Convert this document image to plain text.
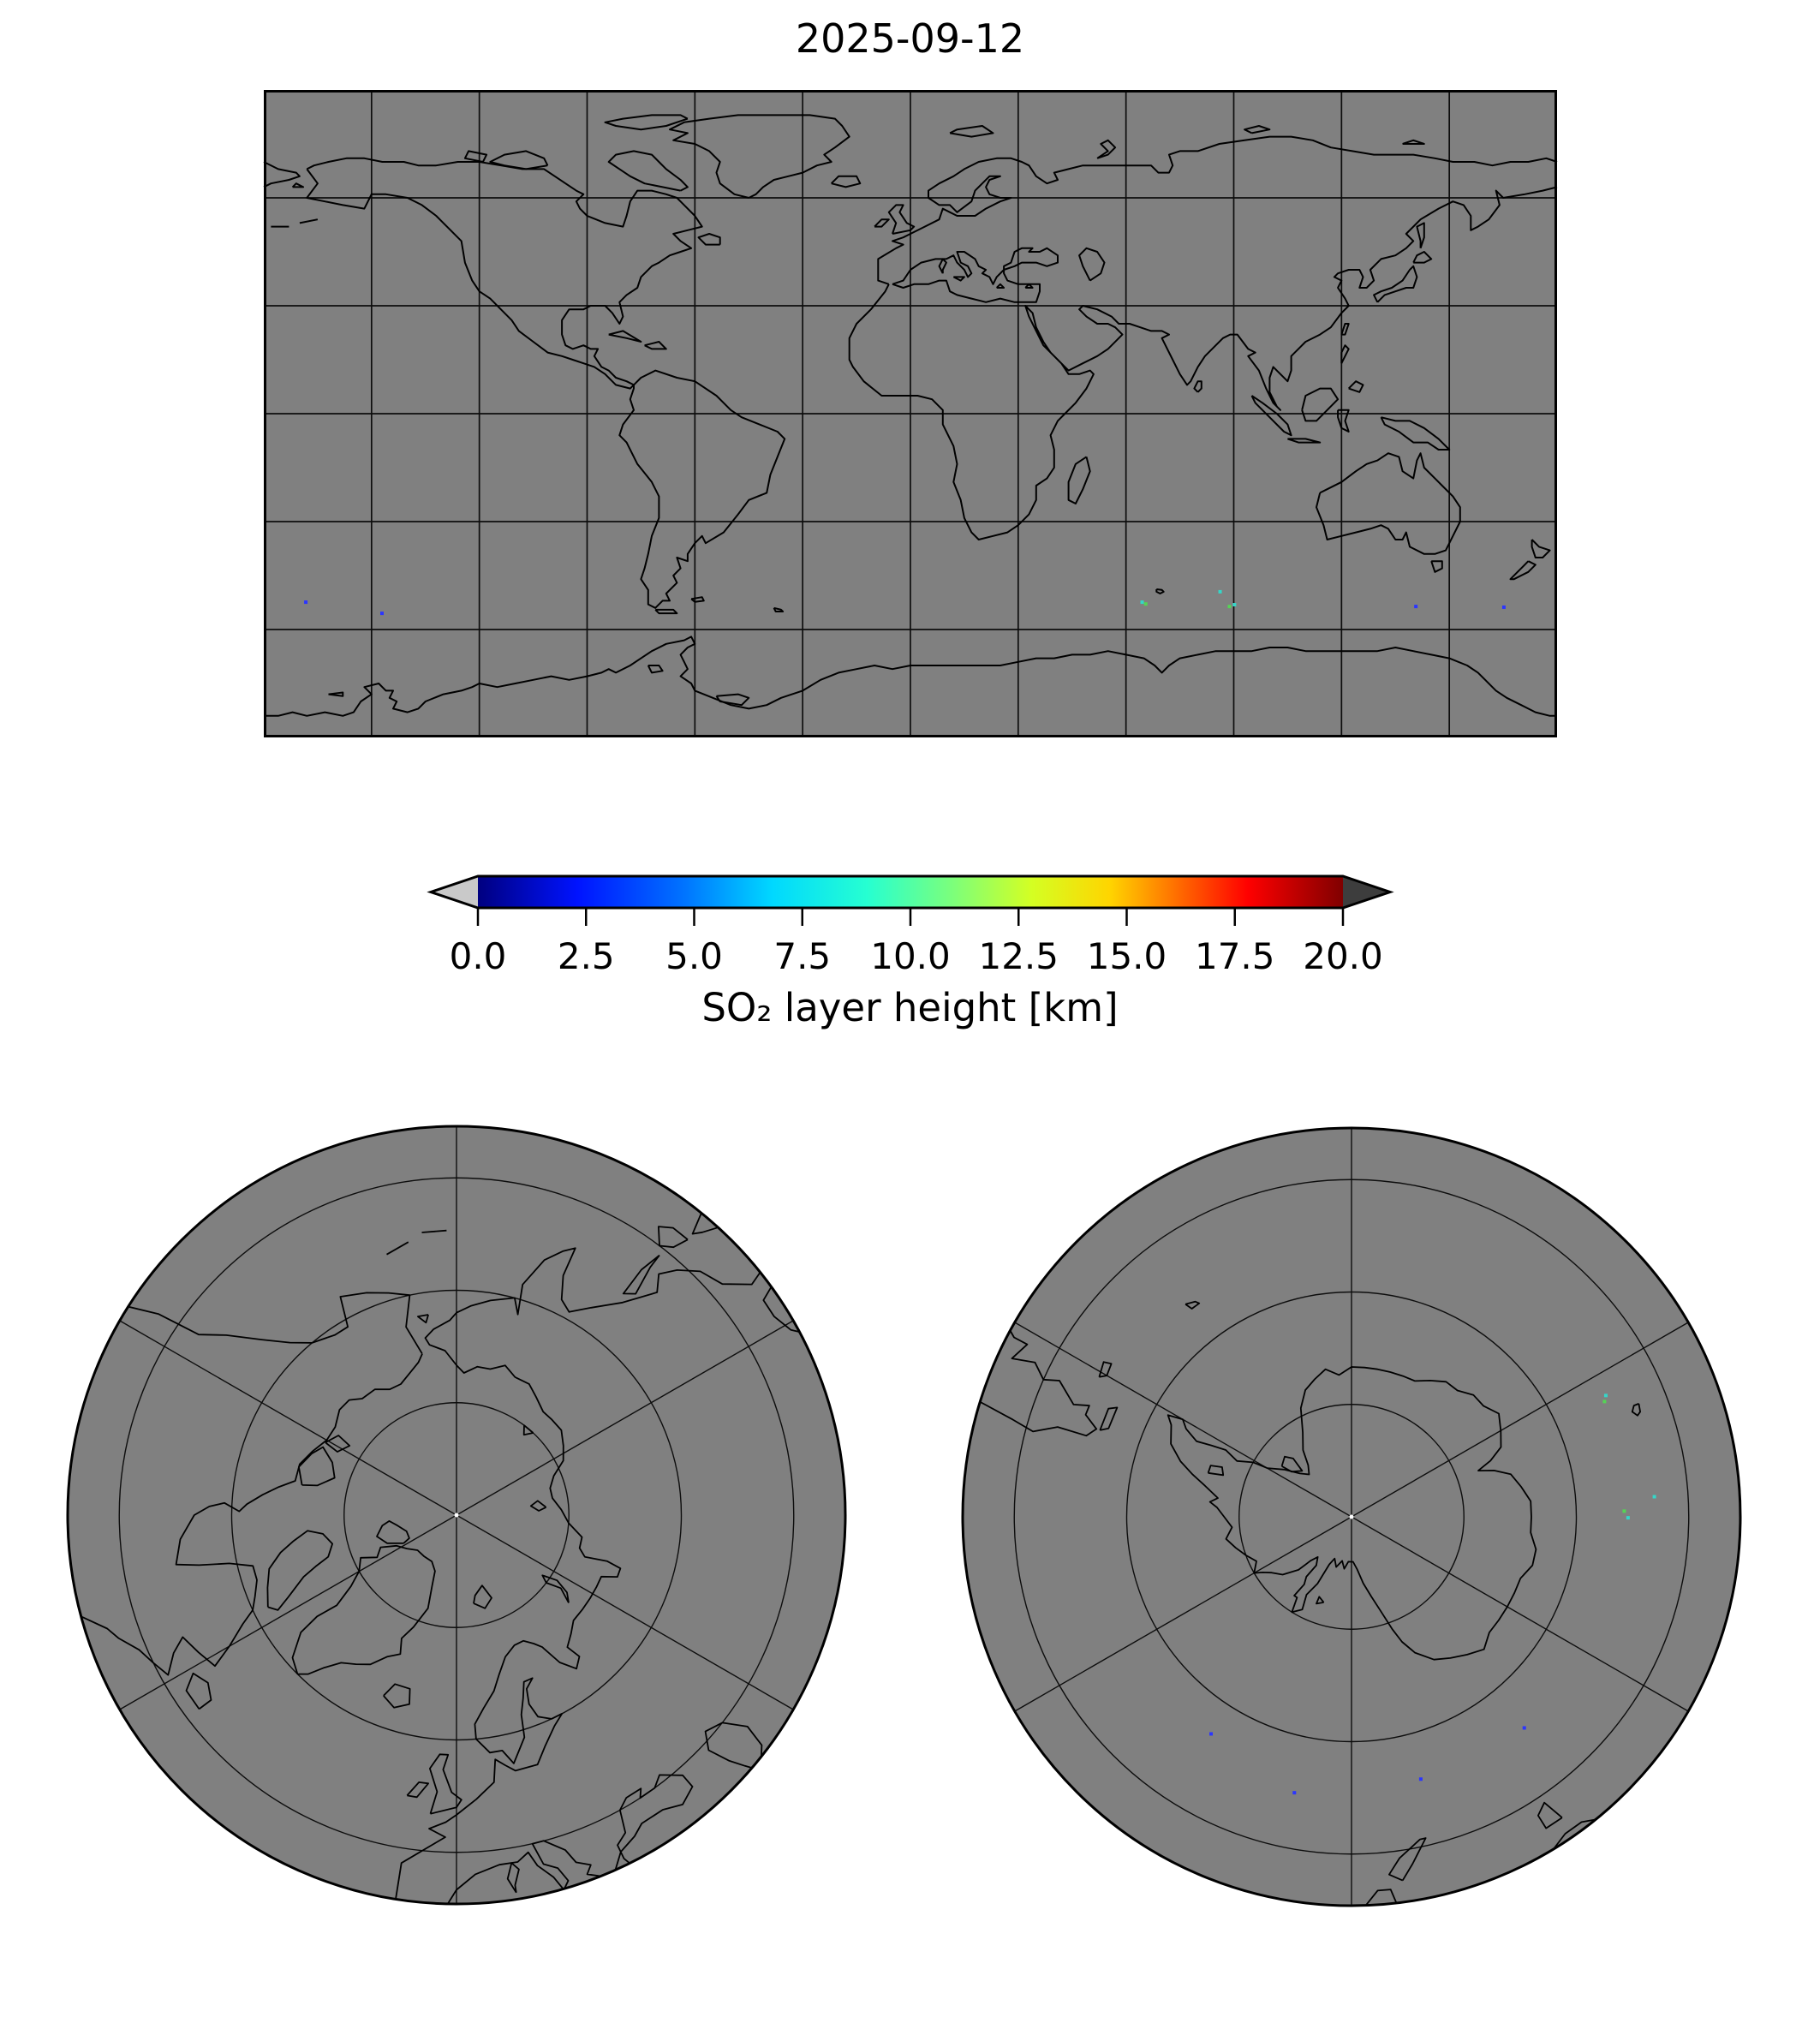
2025-09-12
0.0 2.5 5.0 7.5 10.0 12.5 15.0 17.5 20.0
SO₂ layer height [km]
